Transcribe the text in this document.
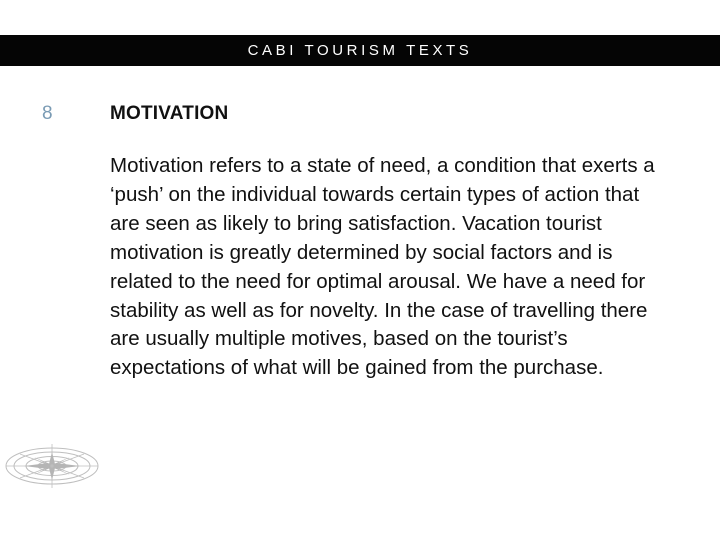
CABI TOURISM TEXTS
8	MOTIVATION
Motivation refers to a state of need, a condition that exerts a ‘push’ on the individual towards certain types of action that are seen as likely to bring satisfaction. Vacation tourist motivation is greatly determined by social factors and is related to the need for optimal arousal. We have a need for stability as well as for novelty. In the case of travelling there are usually multiple motives, based on the tourist’s expectations of what will be gained from the purchase.
